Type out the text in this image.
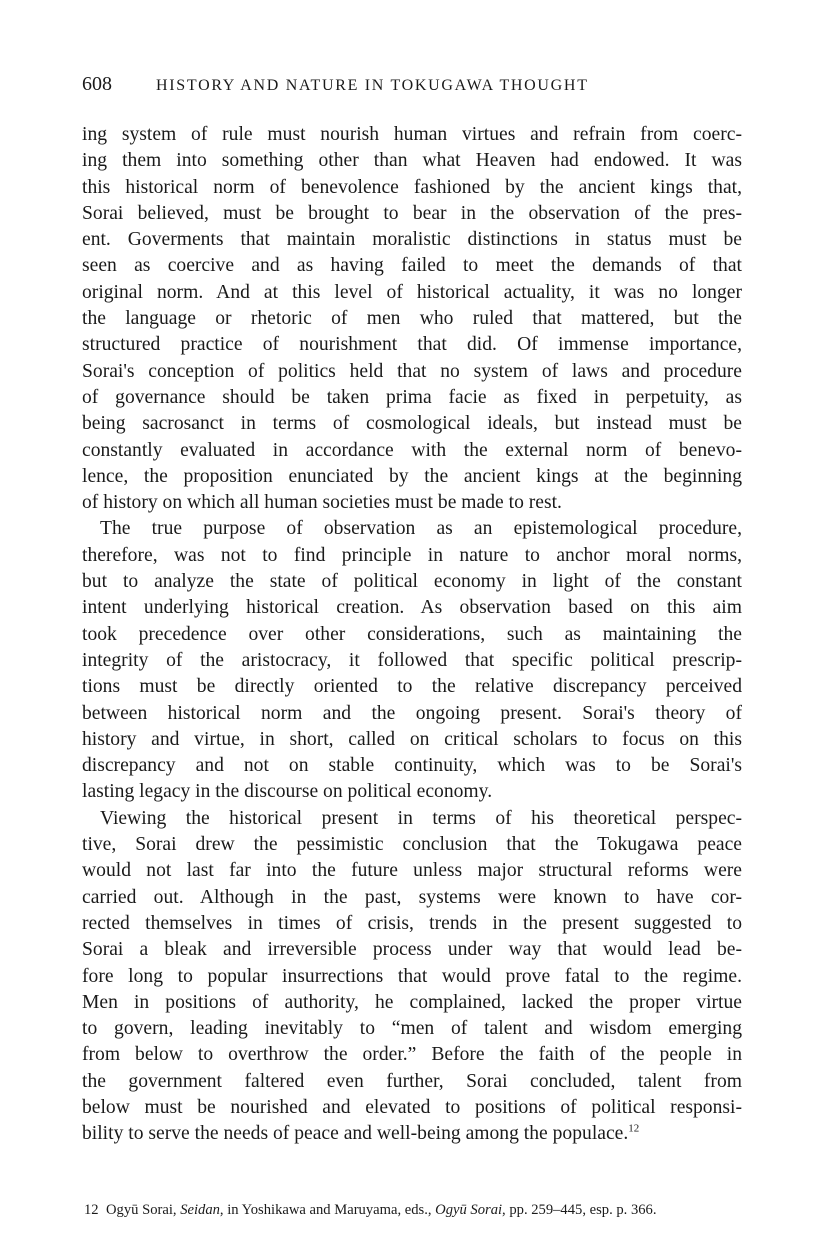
608	HISTORY AND NATURE IN TOKUGAWA THOUGHT
ing system of rule must nourish human virtues and refrain from coerc-
ing them into something other than what Heaven had endowed. It was
this historical norm of benevolence fashioned by the ancient kings that,
Sorai believed, must be brought to bear in the observation of the pres-
ent. Goverments that maintain moralistic distinctions in status must be
seen as coercive and as having failed to meet the demands of that
original norm. And at this level of historical actuality, it was no longer
the language or rhetoric of men who ruled that mattered, but the
structured practice of nourishment that did. Of immense importance,
Sorai's conception of politics held that no system of laws and procedure
of governance should be taken prima facie as fixed in perpetuity, as
being sacrosanct in terms of cosmological ideals, but instead must be
constantly evaluated in accordance with the external norm of benevo-
lence, the proposition enunciated by the ancient kings at the beginning
of history on which all human societies must be made to rest.
The true purpose of observation as an epistemological procedure,
therefore, was not to find principle in nature to anchor moral norms,
but to analyze the state of political economy in light of the constant
intent underlying historical creation. As observation based on this aim
took precedence over other considerations, such as maintaining the
integrity of the aristocracy, it followed that specific political prescrip-
tions must be directly oriented to the relative discrepancy perceived
between historical norm and the ongoing present. Sorai's theory of
history and virtue, in short, called on critical scholars to focus on this
discrepancy and not on stable continuity, which was to be Sorai's
lasting legacy in the discourse on political economy.
Viewing the historical present in terms of his theoretical perspec-
tive, Sorai drew the pessimistic conclusion that the Tokugawa peace
would not last far into the future unless major structural reforms were
carried out. Although in the past, systems were known to have cor-
rected themselves in times of crisis, trends in the present suggested to
Sorai a bleak and irreversible process under way that would lead be-
fore long to popular insurrections that would prove fatal to the regime.
Men in positions of authority, he complained, lacked the proper virtue
to govern, leading inevitably to “men of talent and wisdom emerging
from below to overthrow the order.” Before the faith of the people in
the government faltered even further, Sorai concluded, talent from
below must be nourished and elevated to positions of political responsi-
bility to serve the needs of peace and well-being among the populace.$^{12}$
12 Ogyū Sorai, Seidan, in Yoshikawa and Maruyama, eds., Ogyū Sorai, pp. 259–445, esp. p. 366.
